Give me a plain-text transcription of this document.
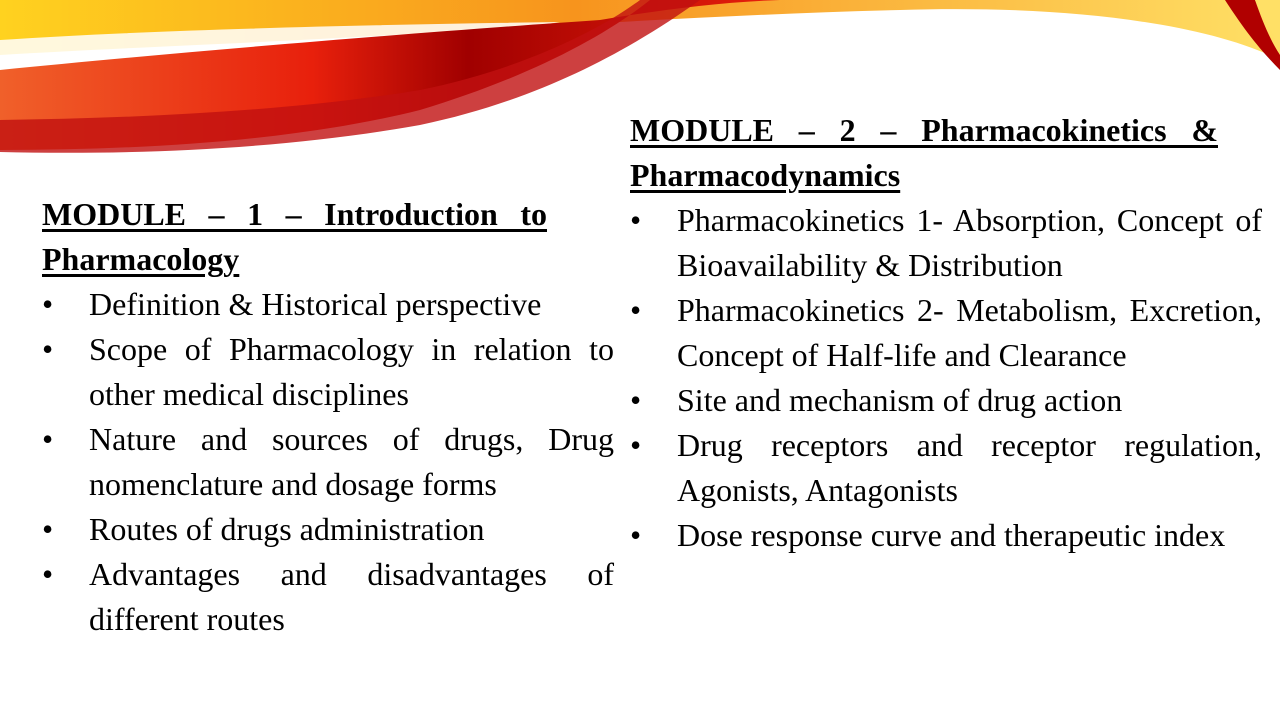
MODULE – 1 – Introduction to Pharmacology
• Definition & Historical perspective
• Scope of Pharmacology in relation to other medical disciplines
• Nature and sources of drugs, Drug nomenclature and dosage forms
• Routes of drugs administration
• Advantages and disadvantages of different routes
MODULE – 2 – Pharmacokinetics & Pharmacodynamics
• Pharmacokinetics 1- Absorption, Concept of Bioavailability & Distribution
• Pharmacokinetics 2- Metabolism, Excretion, Concept of Half-life and Clearance
• Site and mechanism of drug action
• Drug receptors and receptor regulation, Agonists, Antagonists
• Dose response curve and therapeutic index
